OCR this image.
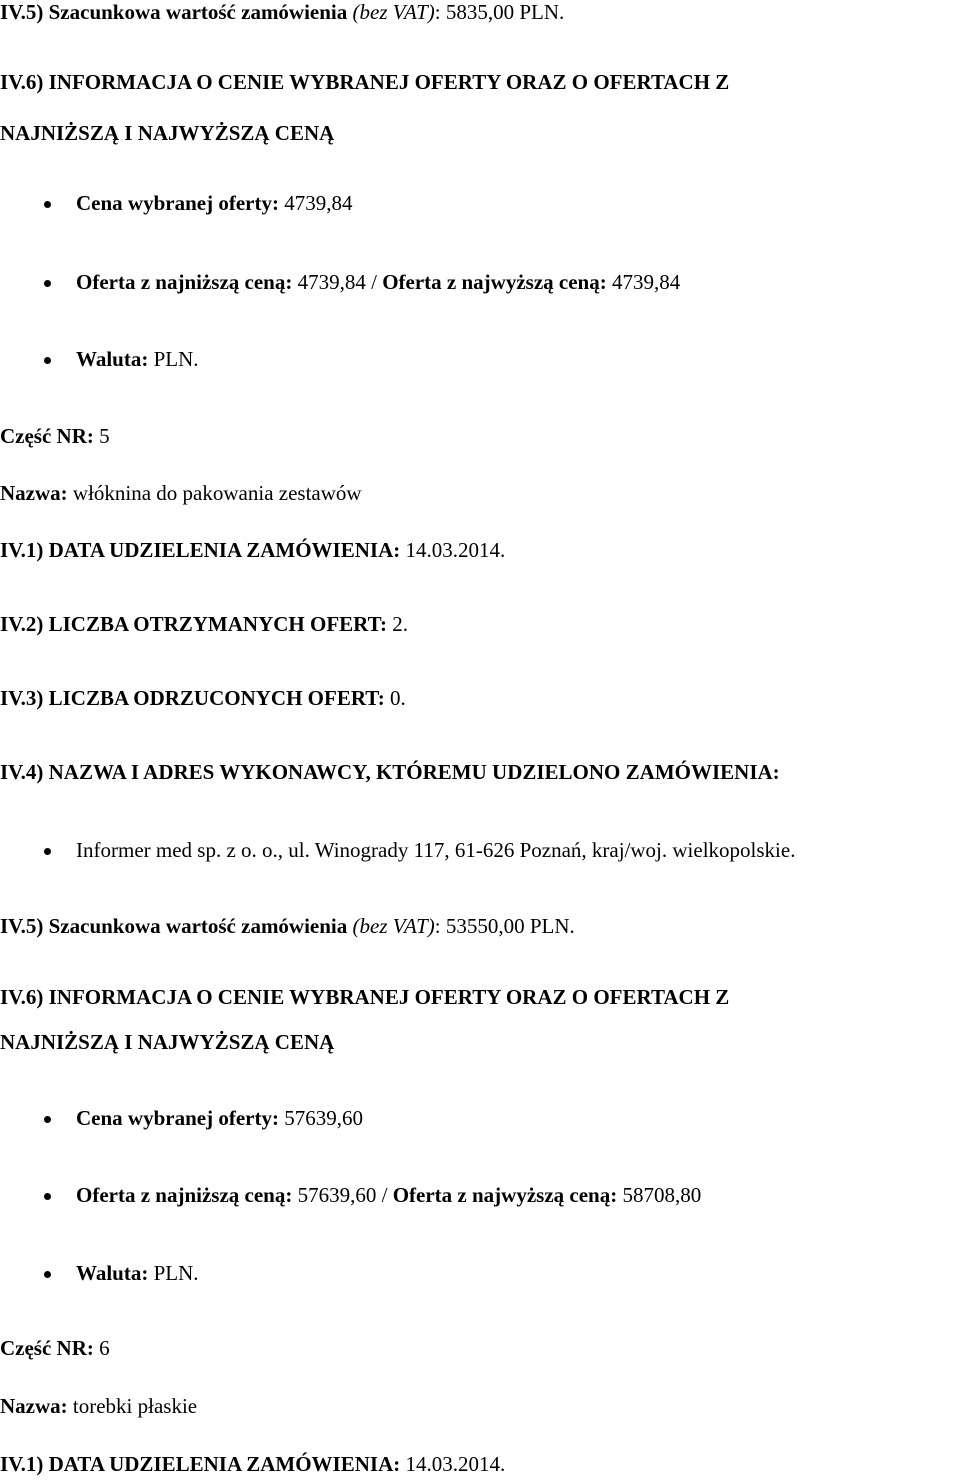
IV.5) Szacunkowa wartość zamówienia (bez VAT): 5835,00 PLN.
IV.6) INFORMACJA O CENIE WYBRANEJ OFERTY ORAZ O OFERTACH Z
NAJNIŻSZĄ I NAJWYŻSZĄ CENĄ
Cena wybranej oferty: 4739,84
Oferta z najniższą ceną: 4739,84 / Oferta z najwyższą ceną: 4739,84
Waluta: PLN.
Część NR: 5
Nazwa: włóknina do pakowania zestawów
IV.1) DATA UDZIELENIA ZAMÓWIENIA: 14.03.2014.
IV.2) LICZBA OTRZYMANYCH OFERT: 2.
IV.3) LICZBA ODRZUCONYCH OFERT: 0.
IV.4) NAZWA I ADRES WYKONAWCY, KTÓREMU UDZIELONO ZAMÓWIENIA:
Informer med sp. z o. o., ul. Winogrady 117, 61-626 Poznań, kraj/woj. wielkopolskie.
IV.5) Szacunkowa wartość zamówienia (bez VAT): 53550,00 PLN.
IV.6) INFORMACJA O CENIE WYBRANEJ OFERTY ORAZ O OFERTACH Z
NAJNIŻSZĄ I NAJWYŻSZĄ CENĄ
Cena wybranej oferty: 57639,60
Oferta z najniższą ceną: 57639,60 / Oferta z najwyższą ceną: 58708,80
Waluta: PLN.
Część NR: 6
Nazwa: torebki płaskie
IV.1) DATA UDZIELENIA ZAMÓWIENIA: 14.03.2014.
